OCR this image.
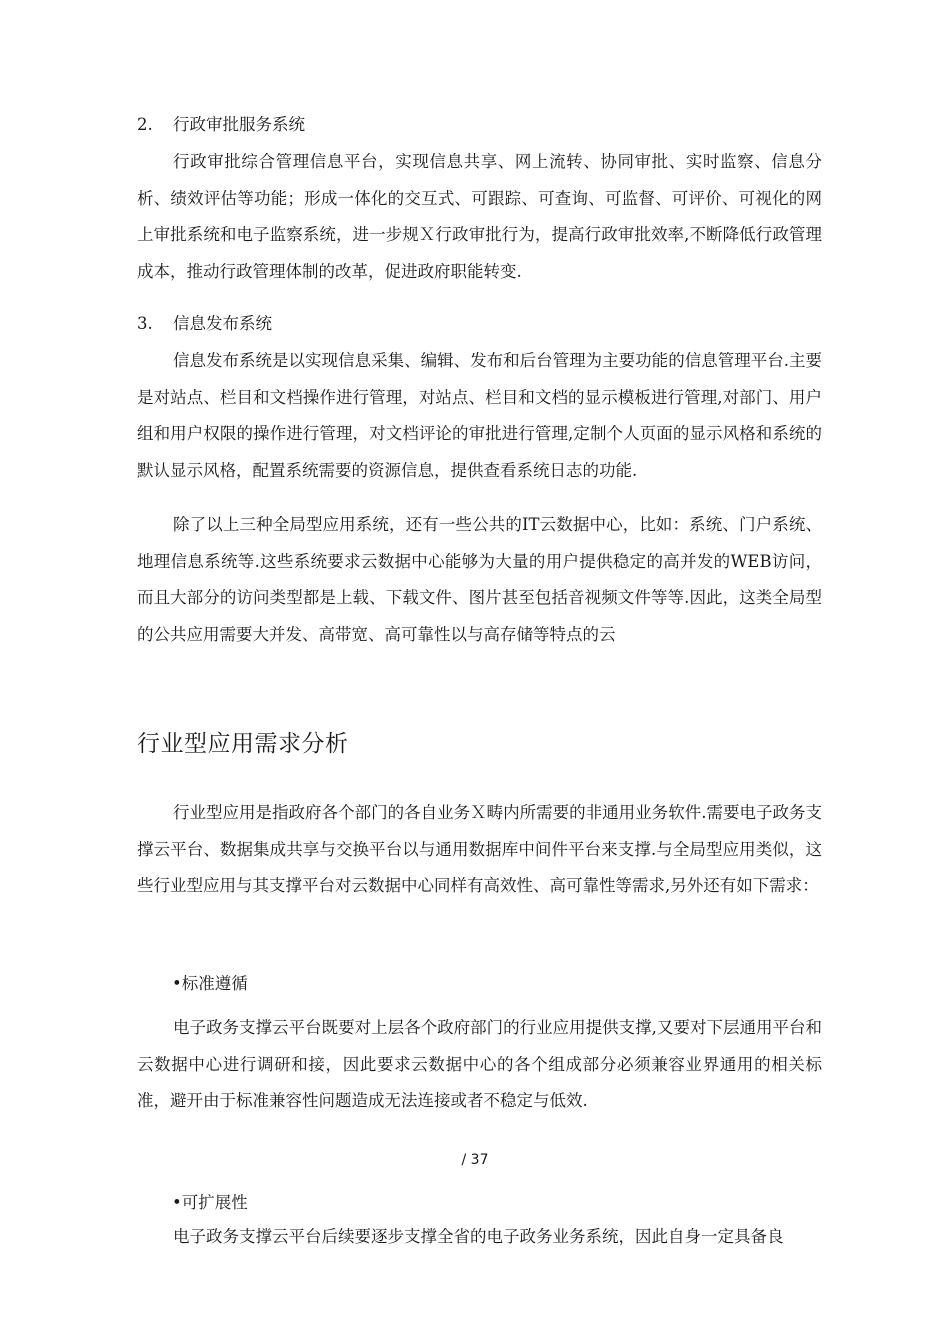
2. 行政审批服务系统

行政审批综合管理信息平台，实现信息共享、网上流转、协同审批、实时监察、信息分析、绩效评估等功能；形成一体化的交互式、可跟踪、可查询、可监督、可评价、可视化的网上审批系统和电子监察系统，进一步规Ｘ行政审批行为，提高行政审批效率,不断降低行政管理成本，推动行政管理体制的改革，促进政府职能转变.

3. 信息发布系统

信息发布系统是以实现信息采集、编辑、发布和后台管理为主要功能的信息管理平台.主要是对站点、栏目和文档操作进行管理，对站点、栏目和文档的显示模板进行管理,对部门、用户组和用户权限的操作进行管理，对文档评论的审批进行管理,定制个人页面的显示风格和系统的默认显示风格，配置系统需要的资源信息，提供查看系统日志的功能.

除了以上三种全局型应用系统，还有一些公共的IT云数据中心，比如：系统、门户系统、地理信息系统等.这些系统要求云数据中心能够为大量的用户提供稳定的高并发的WEB访问，而且大部分的访问类型都是上载、下载文件、图片甚至包括音视频文件等等.因此，这类全局型的公共应用需要大并发、高带宽、高可靠性以与高存储等特点的云

行业型应用需求分析

行业型应用是指政府各个部门的各自业务Ｘ畴内所需要的非通用业务软件.需要电子政务支撑云平台、数据集成共享与交换平台以与通用数据库中间件平台来支撑.与全局型应用类似，这些行业型应用与其支撑平台对云数据中心同样有高效性、高可靠性等需求,另外还有如下需求：

•标准遵循

电子政务支撑云平台既要对上层各个政府部门的行业应用提供支撑,又要对下层通用平台和云数据中心进行调研和接，因此要求云数据中心的各个组成部分必须兼容业界通用的相关标准，避开由于标准兼容性问题造成无法连接或者不稳定与低效.

/ 37

•可扩展性

电子政务支撑云平台后续要逐步支撑全省的电子政务业务系统，因此自身一定具备良
